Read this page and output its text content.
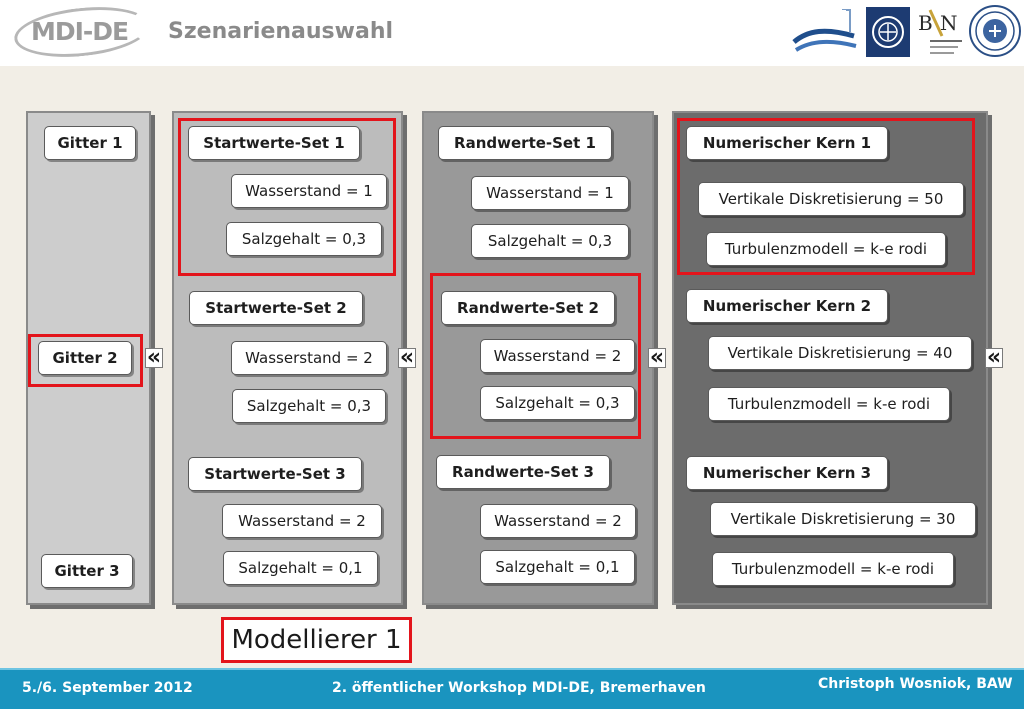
MDI-DE Szenarienauswahl	B N
Gitter 1
Gitter 2
Gitter 3
Startwerte-Set 1
Wasserstand = 1
Salzgehalt = 0,3
Startwerte-Set 2
Wasserstand = 2
Salzgehalt = 0,3
Startwerte-Set 3
Wasserstand = 2
Salzgehalt = 0,1
Randwerte-Set 1
Wasserstand = 1
Salzgehalt = 0,3
Randwerte-Set 2
Wasserstand = 2
Salzgehalt = 0,3
Randwerte-Set 3
Wasserstand = 2
Salzgehalt = 0,1
Numerischer Kern 1
Vertikale Diskretisierung = 50
Turbulenzmodell = k-e rodi
Numerischer Kern 2
Vertikale Diskretisierung = 40
Turbulenzmodell = k-e rodi
Numerischer Kern 3
Vertikale Diskretisierung = 30
Turbulenzmodell = k-e rodi
«	«	«	«
Modellierer 1
5./6. September 2012	2. öffentlicher Workshop MDI-DE, Bremerhaven	Christoph Wosniok, BAW
